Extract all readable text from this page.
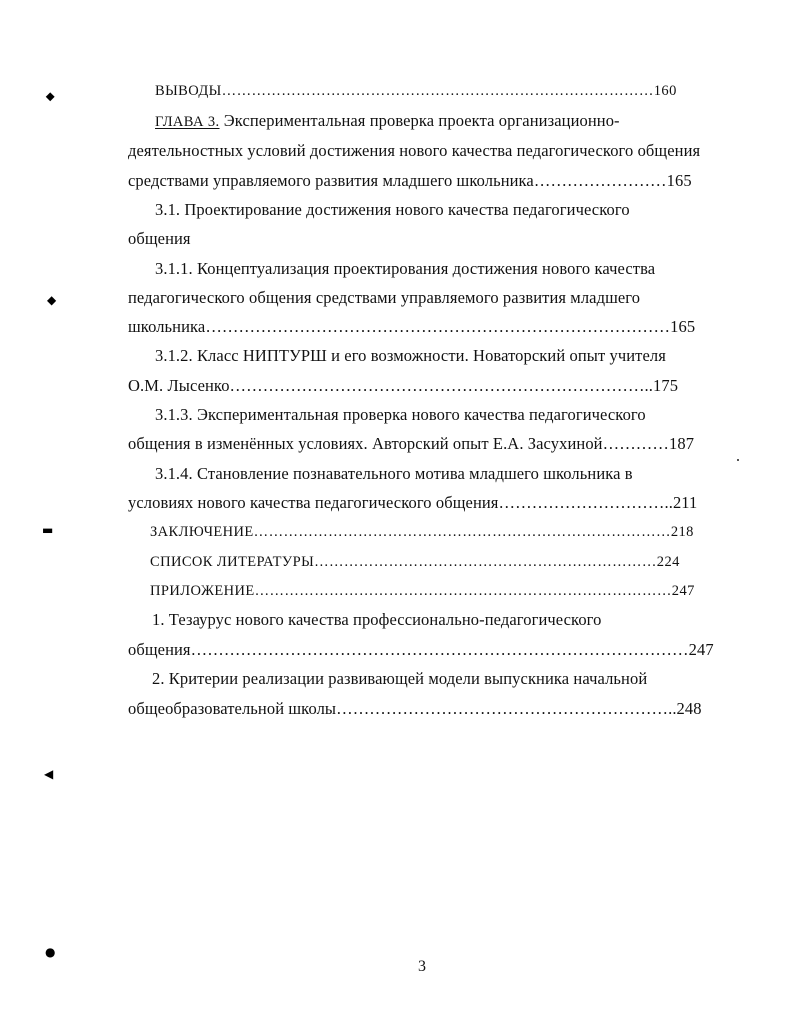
⬥
◆
▬
◀
●
ВЫВОДЫ……………………………………………………………………………160
ГЛАВА 3. Экспериментальная проверка проекта организационно-
деятельностных условий достижения нового качества педагогического общения
средствами управляемого развития младшего школьника……………………165
3.1. Проектирование достижения нового качества педагогического
общения
3.1.1. Концептуализация проектирования достижения нового качества
педагогического общения средствами управляемого развития младшего
школьника…………………………………………………………………………165
3.1.2. Класс НИПТУРШ и его возможности. Новаторский опыт учителя
О.М. Лысенко…………………………………………………………………..175
3.1.3. Экспериментальная проверка нового качества педагогического
общения в изменённых условиях. Авторский опыт Е.А. Засухиной…………187
3.1.4. Становление познавательного мотива младшего школьника в
условиях нового качества педагогического общения…………………………..211
ЗАКЛЮЧЕНИЕ…………………………………………………………………………218
СПИСОК ЛИТЕРАТУРЫ……………………………………………………………224
ПРИЛОЖЕНИЕ…………………………………………………………………………247
1. Тезаурус нового качества профессионально-педагогического
общения………………………………………………………………………………247
2. Критерии реализации развивающей модели выпускника начальной
общеобразовательной школы……………………………………………………..248
3
